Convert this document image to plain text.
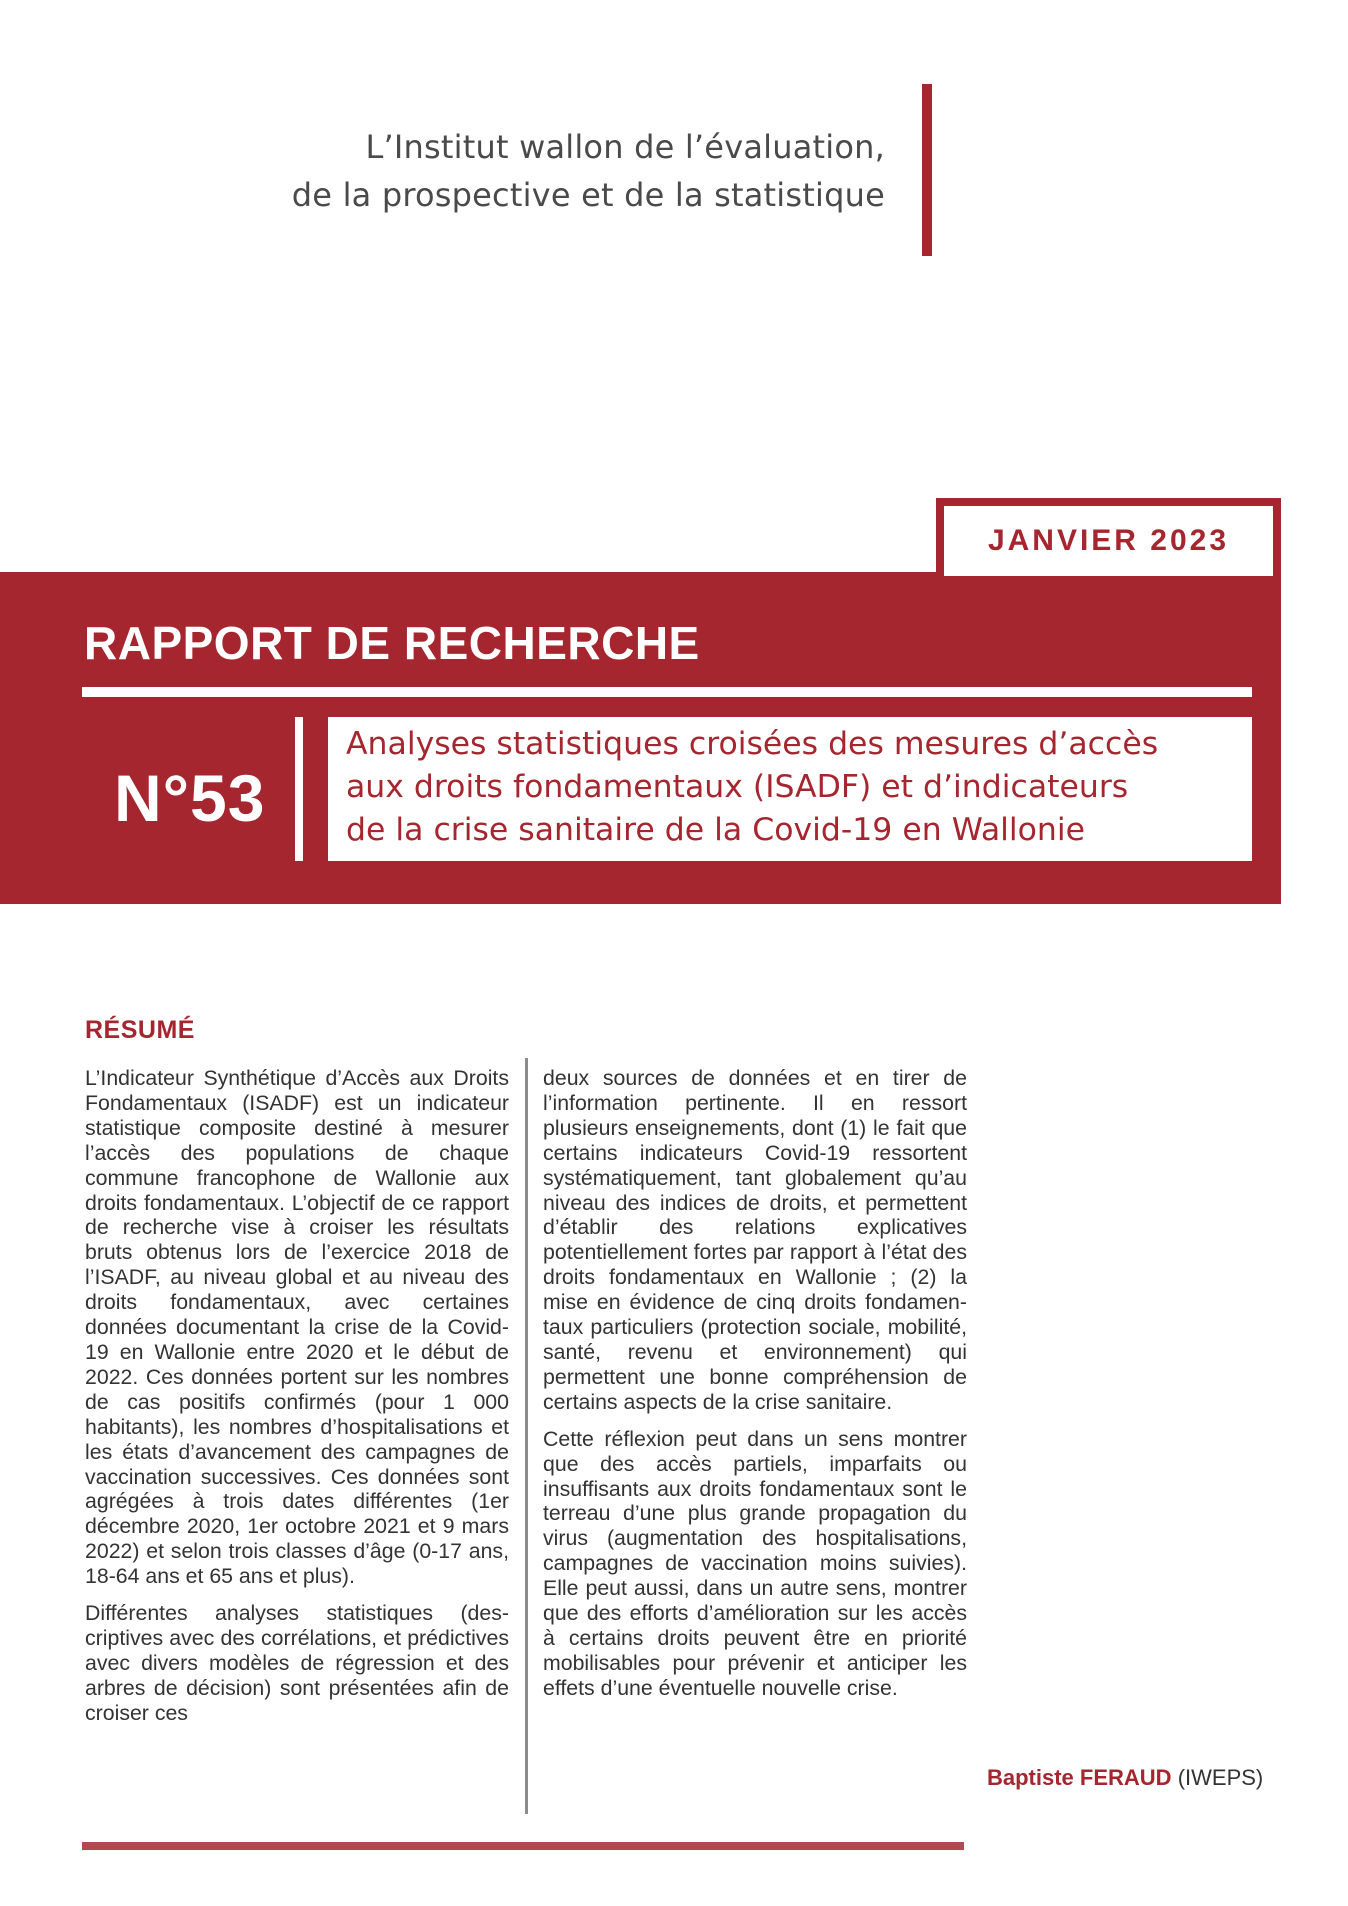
L’Institut wallon de l’évaluation,
de la prospective et de la statistique
JANVIER 2023
RAPPORT DE RECHERCHE
N°53
Analyses statistiques croisées des mesures d’accès
aux droits fondamentaux (ISADF) et d’indicateurs
de la crise sanitaire de la Covid-19 en Wallonie
RÉSUMÉ

L’Indicateur Synthétique d’Accès aux Droits Fondamentaux (ISADF) est un indicateur statistique composite destiné à mesurer l’accès des populations de chaque commune francophone de Wallonie aux droits fondamentaux. L’objectif de ce rapport de recherche vise à croiser les résultats bruts obtenus lors de l’exercice 2018 de l’ISADF, au niveau global et au niveau des droits fondamentaux, avec certaines données documentant la crise de la Covid-19 en Wallonie entre 2020 et le début de 2022. Ces données portent sur les nombres de cas positifs confirmés (pour 1 000 habitants), les nombres d’hospitalisations et les états d’avancement des campagnes de vaccination successives. Ces données sont agrégées à trois dates différentes (1er décembre 2020, 1er octobre 2021 et 9 mars 2022) et selon trois classes d’âge (0-17 ans, 18-64 ans et 65 ans et plus).

Différentes analyses statistiques (descriptives avec des corrélations, et prédictives avec divers modèles de régression et des arbres de décision) sont présentées afin de croiser ces

deux sources de données et en tirer de l’information pertinente. Il en ressort plusieurs enseignements, dont (1) le fait que certains indicateurs Covid-19 ressortent systématiquement, tant globalement qu’au niveau des indices de droits, et permettent d’établir des relations explicatives potentiellement fortes par rapport à l’état des droits fondamentaux en Wallonie ; (2) la mise en évidence de cinq droits fondamentaux particuliers (protection sociale, mobilité, santé, revenu et environnement) qui permettent une bonne compréhension de certains aspects de la crise sanitaire.

Cette réflexion peut dans un sens montrer que des accès partiels, imparfaits ou insuffisants aux droits fondamentaux sont le terreau d’une plus grande propagation du virus (augmentation des hospitalisations, campagnes de vaccination moins suivies). Elle peut aussi, dans un autre sens, montrer que des efforts d’amélioration sur les accès à certains droits peuvent être en priorité mobilisables pour prévenir et anticiper les effets d’une éventuelle nouvelle crise.

Baptiste FERAUD (IWEPS)
